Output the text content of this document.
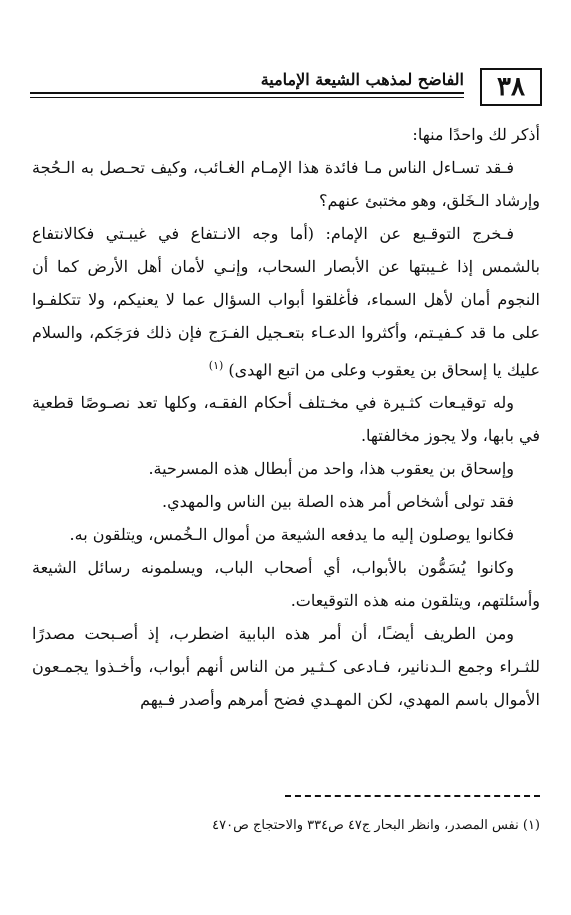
٣٨
الفاضح لمذهب الشيعة الإمامية

أذكر لك واحدًا منها:

فـقد تسـاءل الناس مـا فائدة هذا الإمـام الغـائب، وكيف تحـصل به الـحُجة وإرشاد الـخَلق، وهو مختبئ عنهم؟

فـخرج التوقـيع عن الإمام: (أما وجه الانـتفاع في غيبـتي فكالانتفاع بالشمس إذا غـيبتها عن الأبصار السحاب، وإنـي لأمان أهل الأرض كما أن النجوم أمان لأهل السماء، فأغلقوا أبواب السؤال عما لا يعنيكم، ولا تتكلفـوا على ما قد كـفيـتم، وأكثروا الدعـاء بتعـجيل الفـرَج فإن ذلك فرَجَكم، والسلام عليك يا إسحاق بن يعقوب وعلى من اتبع الهدى) $^{(١)}$

وله توقيـعات كثـيرة في مخـتلف أحكام الفقـه، وكلها تعد نصـوصًا قطعية في بابها، ولا يجوز مخالفتها.

وإسحاق بن يعقوب هذا، واحد من أبطال هذه المسرحية.

فقد تولى أشخاص أمر هذه الصلة بين الناس والمهدي.

فكانوا يوصلون إليه ما يدفعه الشيعة من أموال الـخُمس، ويتلقون به.

وكانوا يُسَمُّون بالأبواب، أي أصحاب الباب، ويسلمونه رسائل الشيعة وأسئلتهم، ويتلقون منه هذه التوقيعات.

ومن الطريف أيضـًا، أن أمر هذه البابية اضطرب، إذ أصـبحت مصدرًا للثـراء وجمع الـدنانير، فـادعى كـثـير من الناس أنهم أبواب، وأخـذوا يجمـعون الأموال باسم المهدي، لكن المهـدي فضح أمرهم وأصدر فـيهم

(١) نفس المصدر، وانظر البحار ج٤٧ ص٣٣٤ والاحتجاج ص٤٧٠
